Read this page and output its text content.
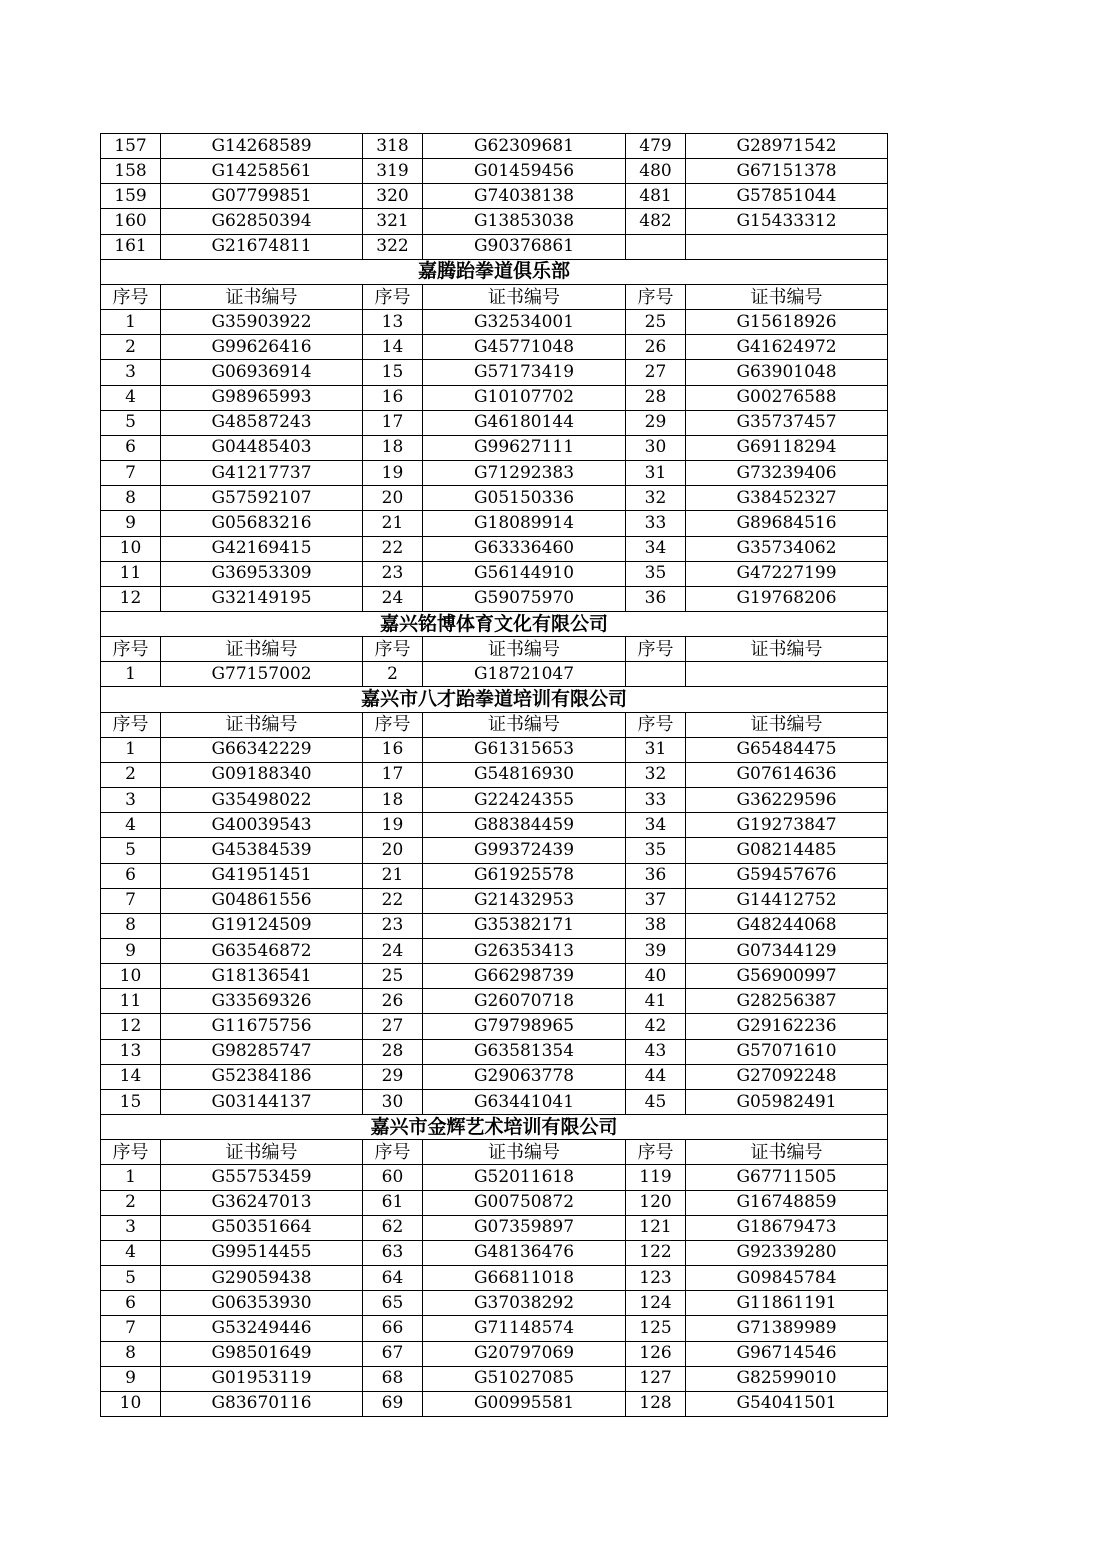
157	G14268589	318	G62309681	479	G28971542
158	G14258561	319	G01459456	480	G67151378
159	G07799851	320	G74038138	481	G57851044
160	G62850394	321	G13853038	482	G15433312
161	G21674811	322	G90376861		
嘉腾跆拳道俱乐部					
序号	证书编号	序号	证书编号	序号	证书编号
1	G35903922	13	G32534001	25	G15618926
2	G99626416	14	G45771048	26	G41624972
3	G06936914	15	G57173419	27	G63901048
4	G98965993	16	G10107702	28	G00276588
5	G48587243	17	G46180144	29	G35737457
6	G04485403	18	G99627111	30	G69118294
7	G41217737	19	G71292383	31	G73239406
8	G57592107	20	G05150336	32	G38452327
9	G05683216	21	G18089914	33	G89684516
10	G42169415	22	G63336460	34	G35734062
11	G36953309	23	G56144910	35	G47227199
12	G32149195	24	G59075970	36	G19768206
嘉兴铭博体育文化有限公司					
序号	证书编号	序号	证书编号	序号	证书编号
1	G77157002	2	G18721047		
嘉兴市八才跆拳道培训有限公司					
序号	证书编号	序号	证书编号	序号	证书编号
1	G66342229	16	G61315653	31	G65484475
2	G09188340	17	G54816930	32	G07614636
3	G35498022	18	G22424355	33	G36229596
4	G40039543	19	G88384459	34	G19273847
5	G45384539	20	G99372439	35	G08214485
6	G41951451	21	G61925578	36	G59457676
7	G04861556	22	G21432953	37	G14412752
8	G19124509	23	G35382171	38	G48244068
9	G63546872	24	G26353413	39	G07344129
10	G18136541	25	G66298739	40	G56900997
11	G33569326	26	G26070718	41	G28256387
12	G11675756	27	G79798965	42	G29162236
13	G98285747	28	G63581354	43	G57071610
14	G52384186	29	G29063778	44	G27092248
15	G03144137	30	G63441041	45	G05982491
嘉兴市金辉艺术培训有限公司					
序号	证书编号	序号	证书编号	序号	证书编号
1	G55753459	60	G52011618	119	G67711505
2	G36247013	61	G00750872	120	G16748859
3	G50351664	62	G07359897	121	G18679473
4	G99514455	63	G48136476	122	G92339280
5	G29059438	64	G66811018	123	G09845784
6	G06353930	65	G37038292	124	G11861191
7	G53249446	66	G71148574	125	G71389989
8	G98501649	67	G20797069	126	G96714546
9	G01953119	68	G51027085	127	G82599010
10	G83670116	69	G00995581	128	G54041501
